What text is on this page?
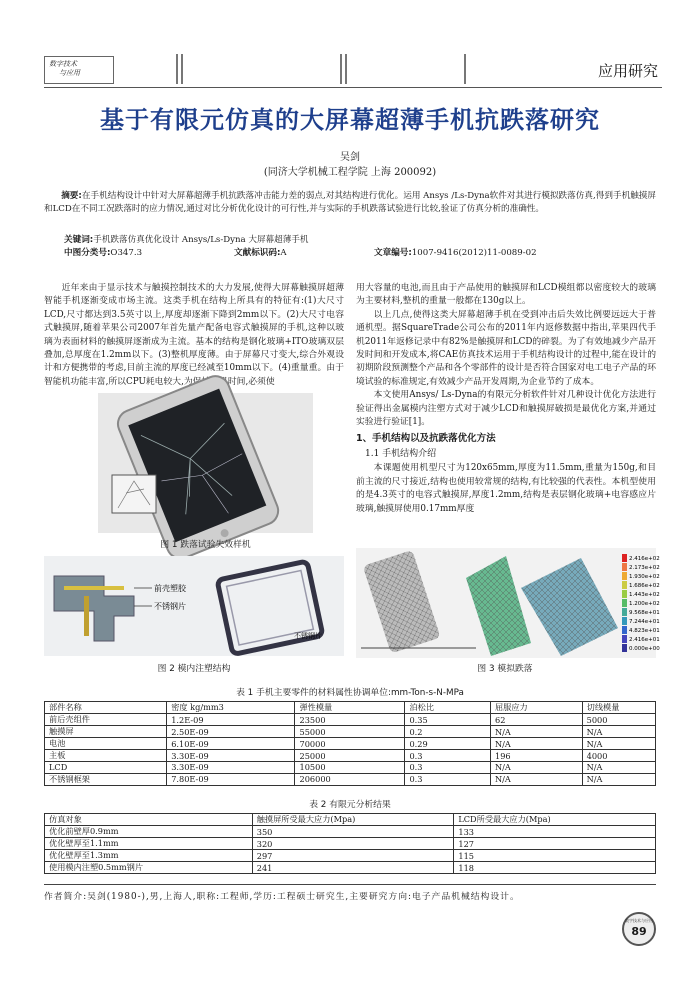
数字技术
与应用	应用研究
基于有限元仿真的大屏幕超薄手机抗跌落研究
吴剑
(同济大学机械工程学院 上海 200092)

摘要:在手机结构设计中针对大屏幕超薄手机抗跌落冲击能力差的弱点,对其结构进行优化。运用 Ansys /Ls-Dyna软件对其进行模拟跌落仿真,得到手机触摸屏和LCD在不同工况跌落时的应力情况,通过对比分析优化设计的可行性,并与实际的手机跌落试验进行比较,验证了仿真分析的准确性。

关键词: 手机跌落仿真优化设计 Ansys/Ls-Dyna 大屏幕超薄手机
中图分类号:O347.3	文献标识码:A	文章编号:1007-9416(2012)11-0089-02

近年来由于显示技术与触摸控制技术的大力发展,使得大屏幕触摸屏超薄智能手机逐渐变成市场主流。这类手机在结构上所具有的特征有:(1)大尺寸LCD,尺寸都达到3.5英寸以上,厚度却逐渐下降到2mm以下。(2)大尺寸电容式触摸屏,随着苹果公司2007年首先量产配备电容式触摸屏的手机,这种以玻璃为表面材料的触摸屏逐渐成为主流。基本的结构是钢化玻璃+ITO玻璃双层叠加,总厚度在1.2mm以下。(3)整机厚度薄。由于屏幕尺寸变大,综合外观设计和方便携带的考虑,目前主流的厚度已经减至10mm以下。(4)重量重。由于智能机功能丰富,所以CPU耗电较大,为保持待机时间,必须使

用大容量的电池,而且由于产品使用的触摸屏和LCD模组都以密度较大的玻璃为主要材料,整机的重量一般都在130g以上。

以上几点,使得这类大屏幕超薄手机在受到冲击后失效比例要远远大于普通机型。据SquareTrade公司公布的2011年内返修数据中指出,苹果四代手机2011年返修记录中有82%是触摸屏和LCD的碎裂。为了有效地减少产品开发时间和开发成本,将CAE仿真技术运用于手机结构设计的过程中,能在设计的初期阶段预测整个产品和各个零部件的设计是否符合国家对电工电子产品的环境试验的标准规定,有效减少产品开发周期,为企业节约了成本。

本文使用Ansys/ Ls-Dyna的有限元分析软件针对几种设计优化方法进行验证得出金属模内注塑方式对于减少LCD和触摸屏破损是最优化方案,并通过实验进行验证[1]。

1、手机结构以及抗跌落优化方法
1.1 手机结构介绍

本课题使用机型尺寸为120x65mm,厚度为11.5mm,重量为150g,和目前主流的尺寸接近,结构也使用较常规的结构,有比较强的代表性。本机型使用的是4.3英寸的电容式触摸屏,厚度1.2mm,结构是表层钢化玻璃+电容感应片玻璃,触摸屏使用0.17mm厚度

图 1 跌落试验失效样机
前壳塑胶
不锈钢片
不锈钢片
图 2 模内注塑结构
2.416e+02
2.173e+02
1.930e+02
1.686e+02
1.443e+02
1.200e+02
9.568e+01
7.244e+01
4.823e+01
2.416e+01
0.000e+00
图 3 模拟跌落
表 1 手机主要零件的材料属性协调单位:mm-Ton-s-N-MPa
部件名称	密度 kg/mm3	弹性模量	泊松比	屈服应力	切线模量
前后壳组件	1.2E-09	23500	0.35	62	5000
触摸屏	2.50E-09	55000	0.2	N/A	N/A
电池	6.10E-09	70000	0.29	N/A	N/A
主板	3.30E-09	25000	0.3	196	4000
LCD	3.30E-09	10500	0.3	N/A	N/A
不锈钢框架	7.80E-09	206000	0.3	N/A	N/A
表 2 有限元分析结果
仿真对象	触摸屏所受最大应力(Mpa)	LCD所受最大应力(Mpa)
优化前壁厚0.9mm	350	133
优化壁厚至1.1mm	320	127
优化壁厚至1.3mm	297	115
使用模内注塑0.5mm钢片	241	118
作者简介:吴剑(1980-),男,上海人,职称:工程师,学历:工程硕士研究生,主要研究方向:电子产品机械结构设计。
数字技术与应用
89
